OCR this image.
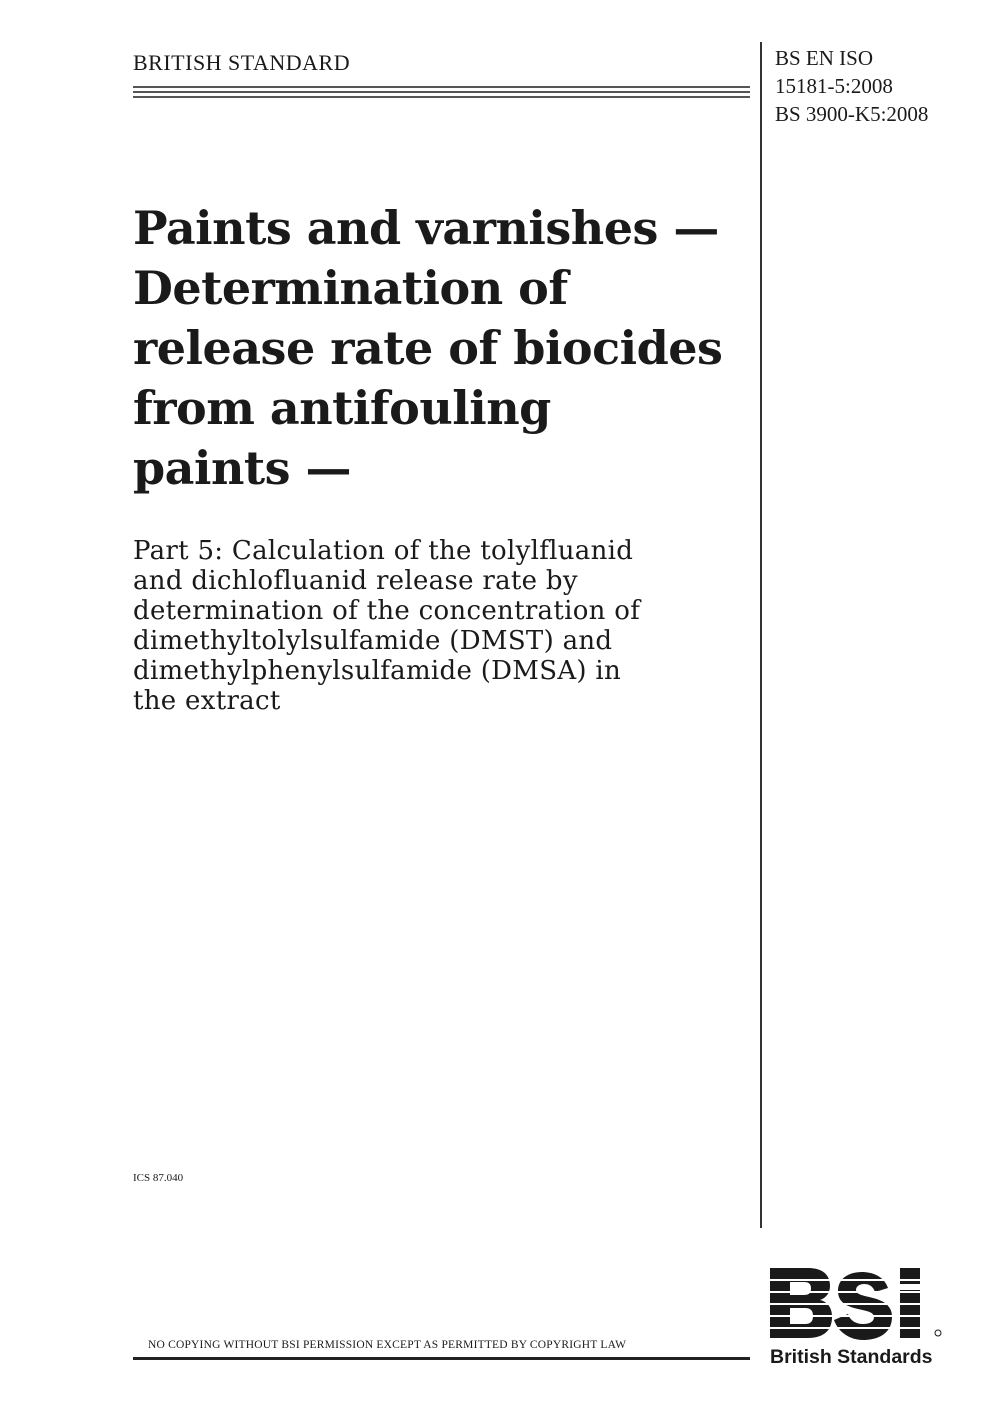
BRITISH STANDARD	BS EN ISO
15181-5:2008
BS 3900-K5:2008
Paints and varnishes —
Determination of
release rate of biocides
from antifouling
paints —
Part 5: Calculation of the tolylfluanid
and dichlofluanid release rate by
determination of the concentration of
dimethyltolylsulfamide (DMST) and
dimethylphenylsulfamide (DMSA) in
the extract
ICS 87.040
NO COPYING WITHOUT BSI PERMISSION EXCEPT AS PERMITTED BY COPYRIGHT LAW
British Standards
